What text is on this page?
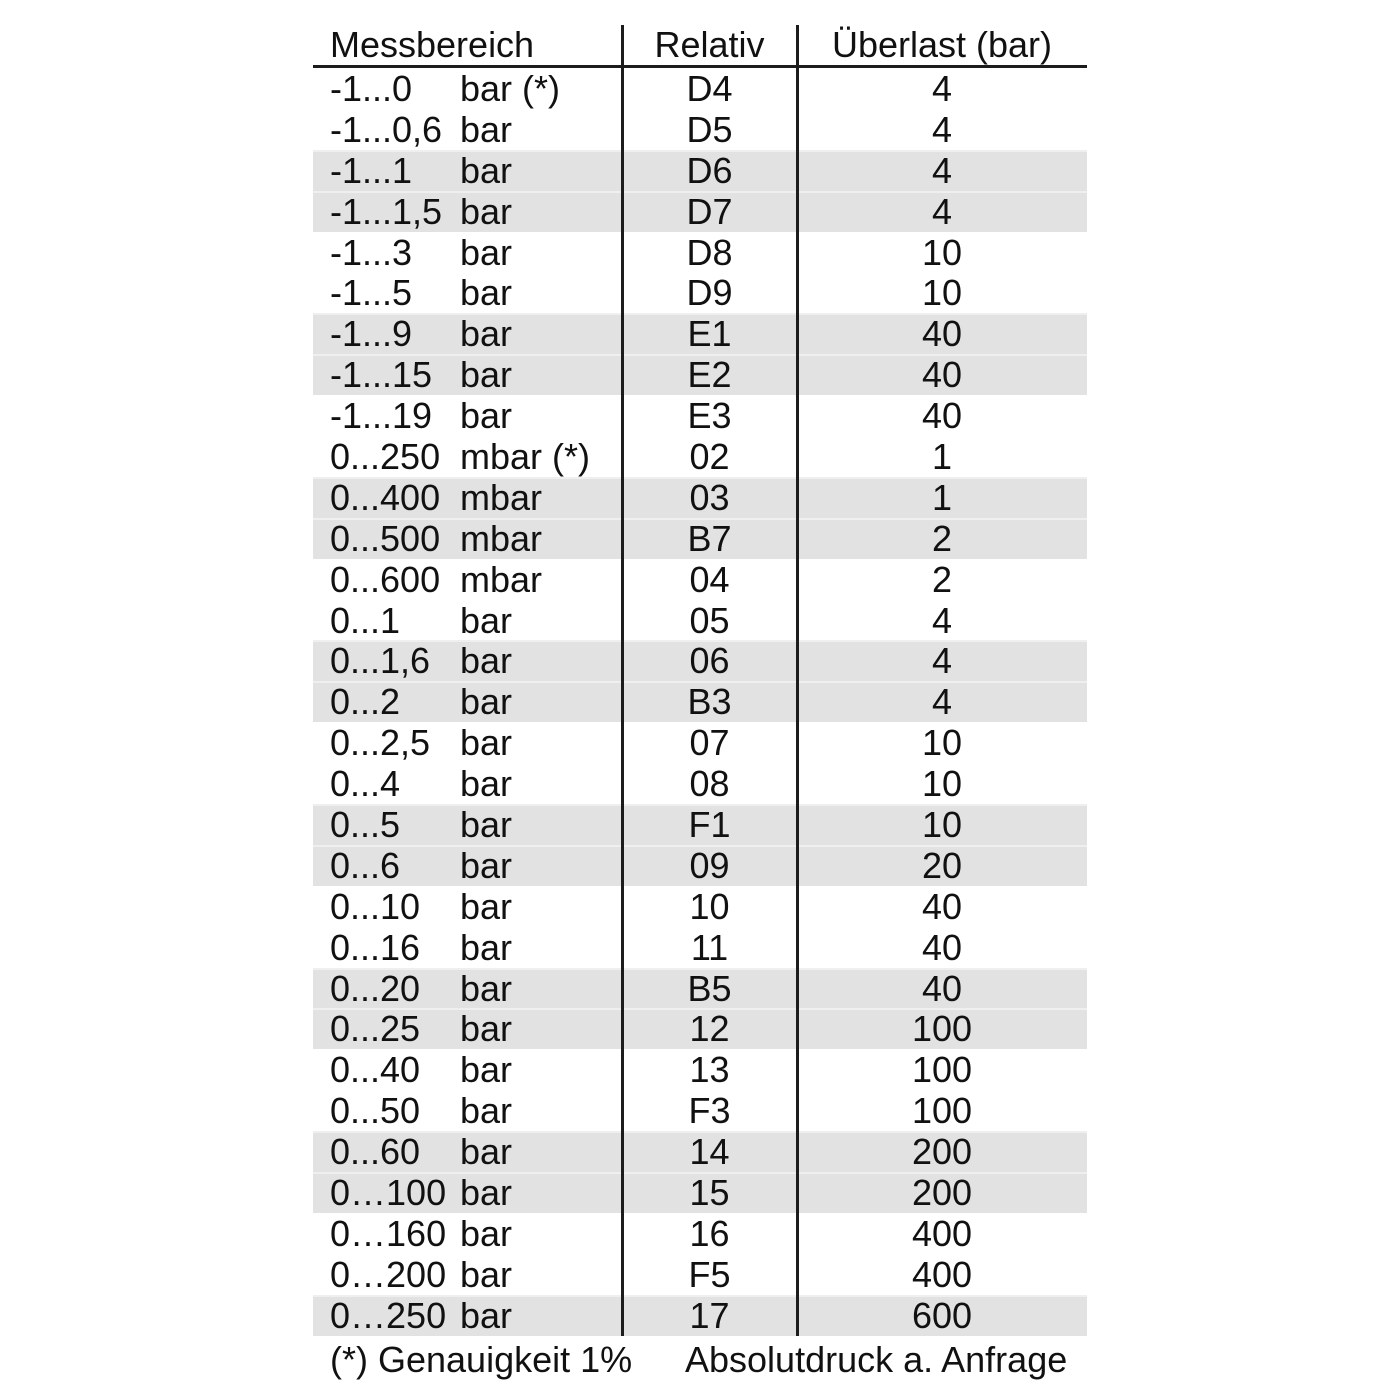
Messbereich	Relativ	Überlast (bar)
-1...0 bar (*)	D4	4
-1...0,6 bar	D5	4
-1...1 bar	D6	4
-1...1,5 bar	D7	4
-1...3 bar	D8	10
-1...5 bar	D9	10
-1...9 bar	E1	40
-1...15 bar	E2	40
-1...19 bar	E3	40
0...250 mbar (*)	02	1
0...400 mbar	03	1
0...500 mbar	B7	2
0...600 mbar	04	2
0...1 bar	05	4
0...1,6 bar	06	4
0...2 bar	B3	4
0...2,5 bar	07	10
0...4 bar	08	10
0...5 bar	F1	10
0...6 bar	09	20
0...10 bar	10	40
0...16 bar	11	40
0...20 bar	B5	40
0...25 bar	12	100
0...40 bar	13	100
0...50 bar	F3	100
0...60 bar	14	200
0…100 bar	15	200
0…160 bar	16	400
0…200 bar	F5	400
0…250 bar	17	600
(*) Genauigkeit 1% Absolutdruck a. Anfrage
